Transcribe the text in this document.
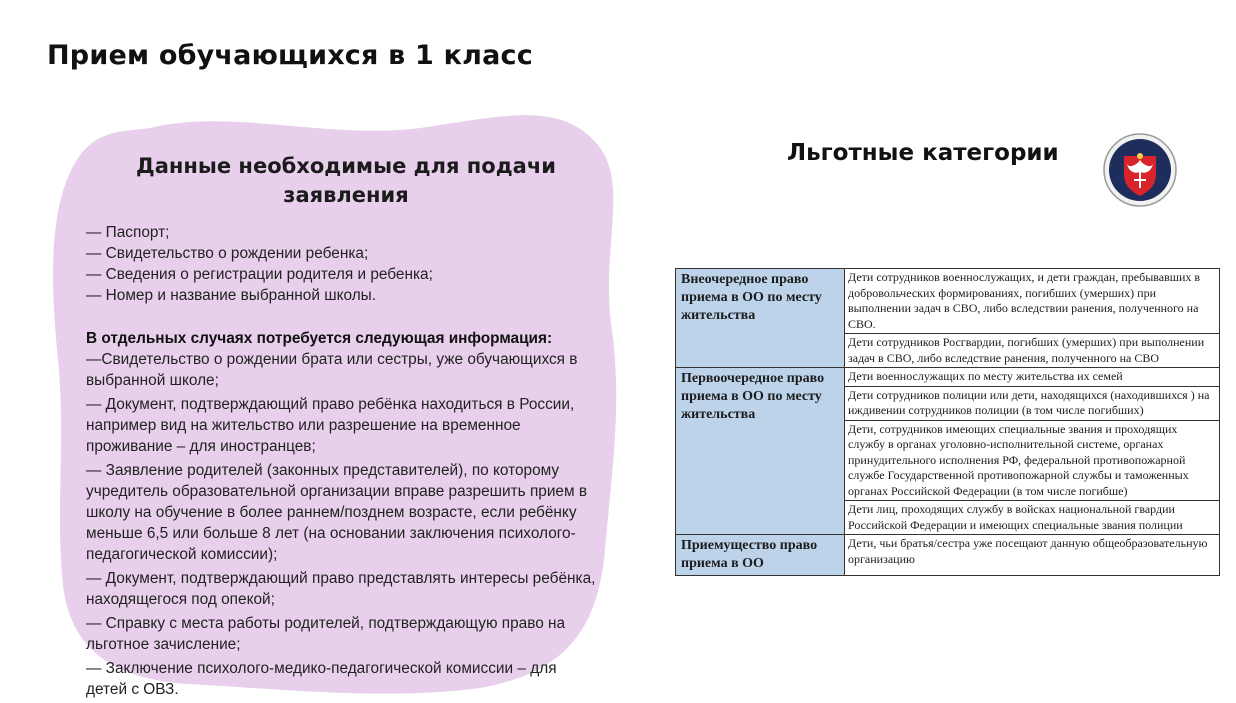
Прием обучающихся в 1 класс
Данные необходимые для подачи заявления
— Паспорт;
— Свидетельство о рождении ребенка;
— Сведения о регистрации родителя и ребенка;
— Номер и название выбранной школы.
В отдельных случаях потребуется следующая информация:
—Свидетельство о рождении брата или сестры, уже обучающихся в выбранной школе;
— Документ, подтверждающий право ребёнка находиться в России, например вид на жительство или разрешение на временное проживание – для иностранцев;
— Заявление родителей (законных представителей), по которому учредитель образовательной организации вправе разрешить прием в школу на обучение в более раннем/позднем возрасте, если ребёнку меньше 6,5 или больше 8 лет (на основании заключения психолого-педагогической комиссии);
— Документ, подтверждающий право представлять интересы ребёнка, находящегося под опекой;
— Справку с места работы родителей, подтверждающую право на льготное зачисление;
— Заключение психолого-медико-педагогической комиссии – для детей с ОВЗ.
Льготные категории
Внеочередное право приема в ОО по месту жительства	Дети сотрудников военнослужащих, и дети граждан, пребывавших в добровольческих формированиях, погибших (умерших) при выполнении задач в СВО, либо вследствии ранения, полученного на СВО.
	Дети сотрудников Росгвардии, погибших (умерших) при выполнении задач в СВО, либо вследствие ранения, полученного на СВО
Первоочередное право приема в ОО по месту жительства	Дети военнослужащих по месту жительства их семей
	Дети сотрудников полиции или дети, находящихся (находившихся ) на иждивении сотрудников полиции (в том числе погибших)
	Дети, сотрудников имеющих специальные звания и проходящих службу в органах уголовно-исполнительной системе, органах принудительного исполнения РФ, федеральной противопожарной службе Государственной противопожарной службы и таможенных органах Российской Федерации (в том числе погибше)
	Дети лиц, проходящих службу в войсках национальной гвардии Российской Федерации и имеющих специальные звания полиции
Приемущество право приема в ОО	Дети, чьи братья/сестра уже посещают данную общеобразовательную организацию
